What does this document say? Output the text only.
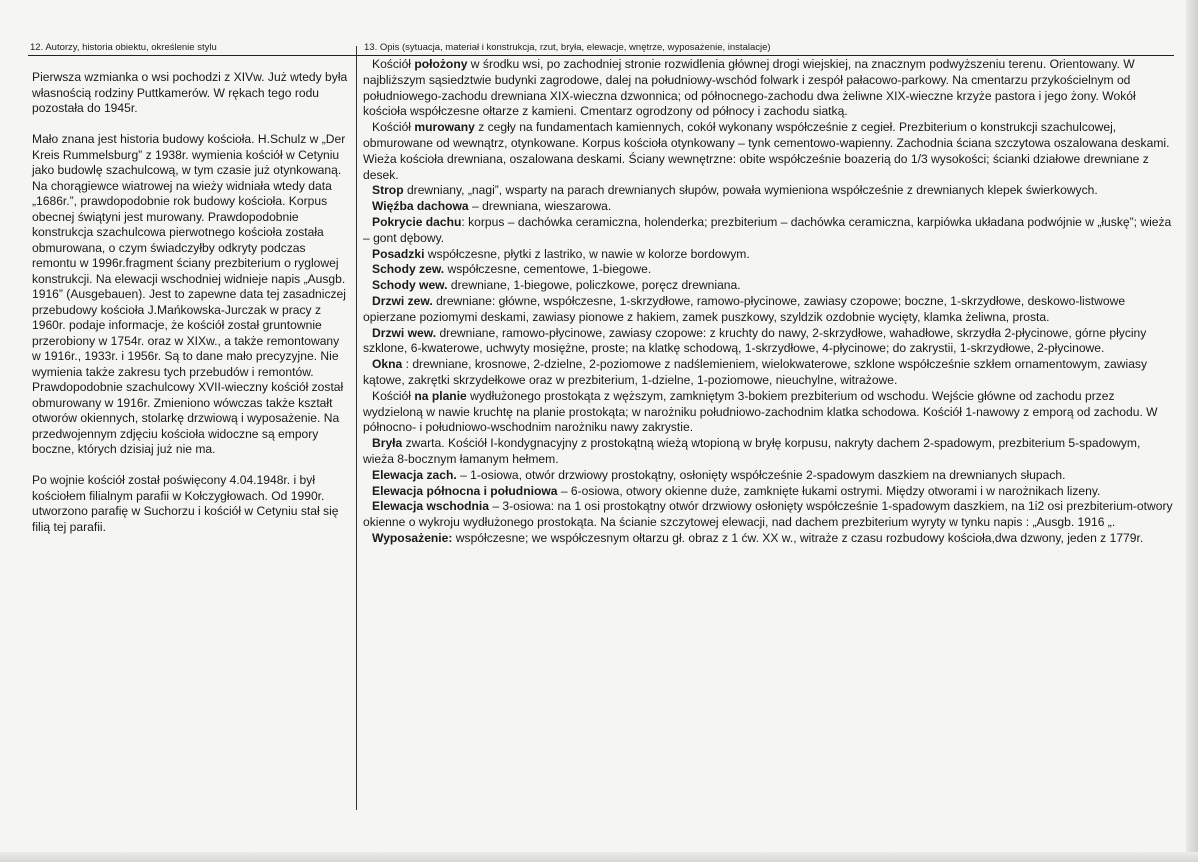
12. Autorzy, historia obiektu, określenie stylu	13. Opis (sytuacja, materiał i konstrukcja, rzut, bryła, elewacje, wnętrze, wyposażenie, instalacje)

Pierwsza wzmianka o wsi pochodzi z XIVw. Już wtedy była własnością rodziny Puttkamerów. W rękach tego rodu pozostała do 1945r.

Mało znana jest historia budowy kościoła. H.Schulz w „Der Kreis Rummelsburg” z 1938r. wymienia kościół w Cetyniu jako budowlę szachulcową, w tym czasie już otynkowaną. Na chorągiewce wiatrowej na wieży widniała wtedy data „1686r.”, prawdopodobnie rok budowy kościoła. Korpus obecnej świątyni jest murowany. Prawdopodobnie konstrukcja szachulcowa pierwotnego kościoła została obmurowana, o czym świadczyłby odkryty podczas remontu w 1996r.fragment ściany prezbiterium o ryglowej konstrukcji. Na elewacji wschodniej widnieje napis „Ausgb. 1916” (Ausgebauen). Jest to zapewne data tej zasadniczej przebudowy kościoła J.Mańkowska-Jurczak w pracy z 1960r. podaje informacje, że kościół został gruntownie przerobiony w 1754r. oraz w XIXw., a także remontowany w 1916r., 1933r. i 1956r. Są to dane mało precyzyjne. Nie wymienia także zakresu tych przebudów i remontów. Prawdopodobnie szachulcowy XVII-wieczny kościół został obmurowany w 1916r. Zmieniono wówczas także kształt otworów okiennych, stolarkę drzwiową i wyposażenie. Na przedwojennym zdjęciu kościoła widoczne są empory boczne, których dzisiaj już nie ma.

Po wojnie kościół został poświęcony 4.04.1948r. i był kościołem filialnym parafii w Kołczygłowach. Od 1990r. utworzono parafię w Suchorzu i kościół w Cetyniu stał się filią tej parafii.

Kościół położony w środku wsi, po zachodniej stronie rozwidlenia głównej drogi wiejskiej, na znacznym podwyższeniu terenu. Orientowany. W najbliższym sąsiedztwie budynki zagrodowe, dalej na południowy-wschód folwark i zespół pałacowo-parkowy. Na cmentarzu przykościelnym od południowego-zachodu drewniana XIX-wieczna dzwonnica; od północnego-zachodu dwa żeliwne XIX-wieczne krzyże pastora i jego żony. Wokół kościoła współczesne ołtarze z kamieni. Cmentarz ogrodzony od północy i zachodu siatką.

Kościół murowany z cegły na fundamentach kamiennych, cokół wykonany współcześnie z cegieł. Prezbiterium o konstrukcji szachulcowej, obmurowane od wewnątrz, otynkowane. Korpus kościoła otynkowany – tynk cementowo-wapienny. Zachodnia ściana szczytowa oszalowana deskami. Wieża kościoła drewniana, oszalowana deskami. Ściany wewnętrzne: obite współcześnie boazerią do 1/3 wysokości; ścianki działowe drewniane z desek.

Strop drewniany, „nagi”, wsparty na parach drewnianych słupów, powała wymieniona współcześnie z drewnianych klepek świerkowych.

Więźba dachowa – drewniana, wieszarowa.

Pokrycie dachu: korpus – dachówka ceramiczna, holenderka; prezbiterium – dachówka ceramiczna, karpiówka układana podwójnie w „łuskę”; wieża – gont dębowy.

Posadzki współczesne, płytki z lastriko, w nawie w kolorze bordowym.

Schody zew. współczesne, cementowe, 1-biegowe.

Schody wew. drewniane, 1-biegowe, policzkowe, poręcz drewniana.

Drzwi zew. drewniane: główne, współczesne, 1-skrzydłowe, ramowo-płycinowe, zawiasy czopowe; boczne, 1-skrzydłowe, deskowo-listwowe opierzane poziomymi deskami, zawiasy pionowe z hakiem, zamek puszkowy, szyldzik ozdobnie wycięty, klamka żeliwna, prosta.

Drzwi wew. drewniane, ramowo-płycinowe, zawiasy czopowe: z kruchty do nawy, 2-skrzydłowe, wahadłowe, skrzydła 2-płycinowe, górne płyciny szklone, 6-kwaterowe, uchwyty mosiężne, proste; na klatkę schodową, 1-skrzydłowe, 4-płycinowe; do zakrystii, 1-skrzydłowe, 2-płycinowe.

Okna : drewniane, krosnowe, 2-dzielne, 2-poziomowe z nadślemieniem, wielokwaterowe, szklone współcześnie szkłem ornamentowym, zawiasy kątowe, zakrętki skrzydełkowe oraz w prezbiterium, 1-dzielne, 1-poziomowe, nieuchylne, witrażowe.

Kościół na planie wydłużonego prostokąta z węższym, zamkniętym 3-bokiem prezbiterium od wschodu. Wejście główne od zachodu przez wydzieloną w nawie kruchtę na planie prostokąta; w narożniku południowo-zachodnim klatka schodowa. Kościół 1-nawowy z emporą od zachodu. W północno- i południowo-wschodnim narożniku nawy zakrystie.

Bryła zwarta. Kościół I-kondygnacyjny z prostokątną wieżą wtopioną w bryłę korpusu, nakryty dachem 2-spadowym, prezbiterium 5-spadowym, wieża 8-bocznym łamanym hełmem.

Elewacja zach. – 1-osiowa, otwór drzwiowy prostokątny, osłonięty współcześnie 2-spadowym daszkiem na drewnianych słupach.

Elewacja północna i południowa – 6-osiowa, otwory okienne duże, zamknięte łukami ostrymi. Między otworami i w narożnikach lizeny.

Elewacja wschodnia – 3-osiowa: na 1 osi prostokątny otwór drzwiowy osłonięty współcześnie 1-spadowym daszkiem, na 1i2 osi prezbiterium-otwory okienne o wykroju wydłużonego prostokąta. Na ścianie szczytowej elewacji, nad dachem prezbiterium wyryty w tynku napis : „Ausgb. 1916 „.

Wyposażenie: współczesne; we współczesnym ołtarzu gł. obraz z 1 ćw. XX w., witraże z czasu rozbudowy kościoła,dwa dzwony, jeden z 1779r.
